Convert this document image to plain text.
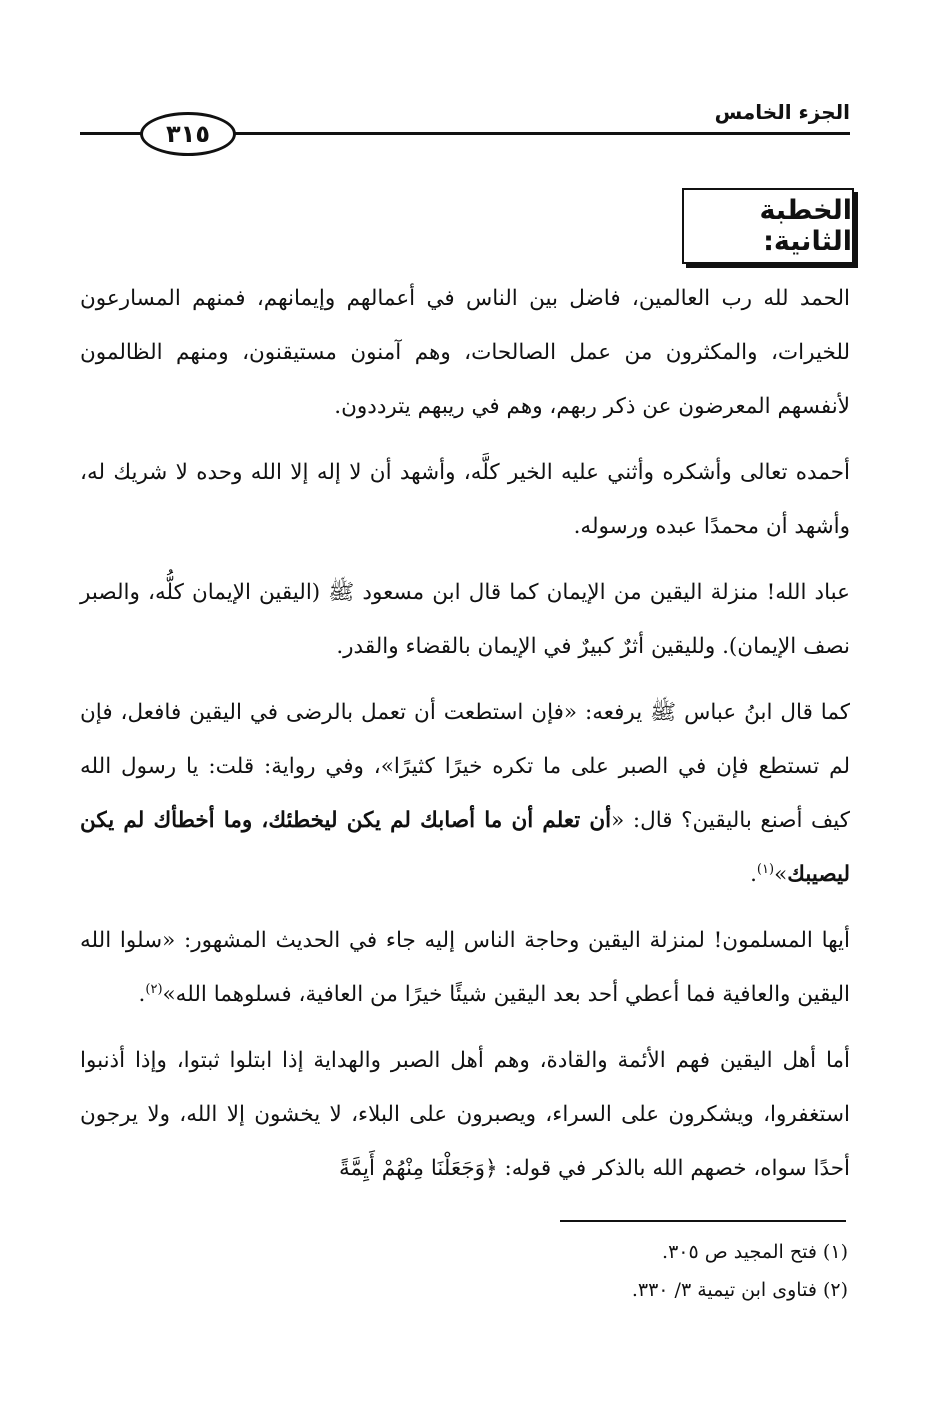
٣١٥
الجزء الخامس
الخطبة الثانية:

الحمد لله رب العالمين، فاضل بين الناس في أعمالهم وإيمانهم، فمنهم المسارعون للخيرات، والمكثرون من عمل الصالحات، وهم آمنون مستيقنون، ومنهم الظالمون لأنفسهم المعرضون عن ذكر ربهم، وهم في ريبهم يترددون.

أحمده تعالى وأشكره وأثني عليه الخير كلَّه، وأشهد أن لا إله إلا الله وحده لا شريك له، وأشهد أن محمدًا عبده ورسوله.

عباد الله! منزلة اليقين من الإيمان كما قال ابن مسعود ﷺ (اليقين الإيمان كلُّه، والصبر نصف الإيمان). ولليقين أثرٌ كبيرٌ في الإيمان بالقضاء والقدر.

كما قال ابنُ عباس ﷺ يرفعه: «فإن استطعت أن تعمل بالرضى في اليقين فافعل، فإن لم تستطع فإن في الصبر على ما تكره خيرًا كثيرًا»، وفي رواية: قلت: يا رسول الله كيف أصنع باليقين؟ قال: «أن تعلم أن ما أصابك لم يكن ليخطئك، وما أخطأك لم يكن ليصيبك»$^{(١)}$.

أيها المسلمون! لمنزلة اليقين وحاجة الناس إليه جاء في الحديث المشهور: «سلوا الله اليقين والعافية فما أعطي أحد بعد اليقين شيئًا خيرًا من العافية، فسلوهما الله»$^{(٢)}$.

أما أهل اليقين فهم الأئمة والقادة، وهم أهل الصبر والهداية إذا ابتلوا ثبتوا، وإذا أذنبوا استغفروا، ويشكرون على السراء، ويصبرون على البلاء، لا يخشون إلا الله، ولا يرجون أحدًا سواه، خصهم الله بالذكر في قوله: ﴿وَجَعَلْنَا مِنْهُمْ أَيِمَّةً

(١) فتح المجيد ص ٣٠٥.
(٢) فتاوى ابن تيمية ٣/ ٣٣٠.
